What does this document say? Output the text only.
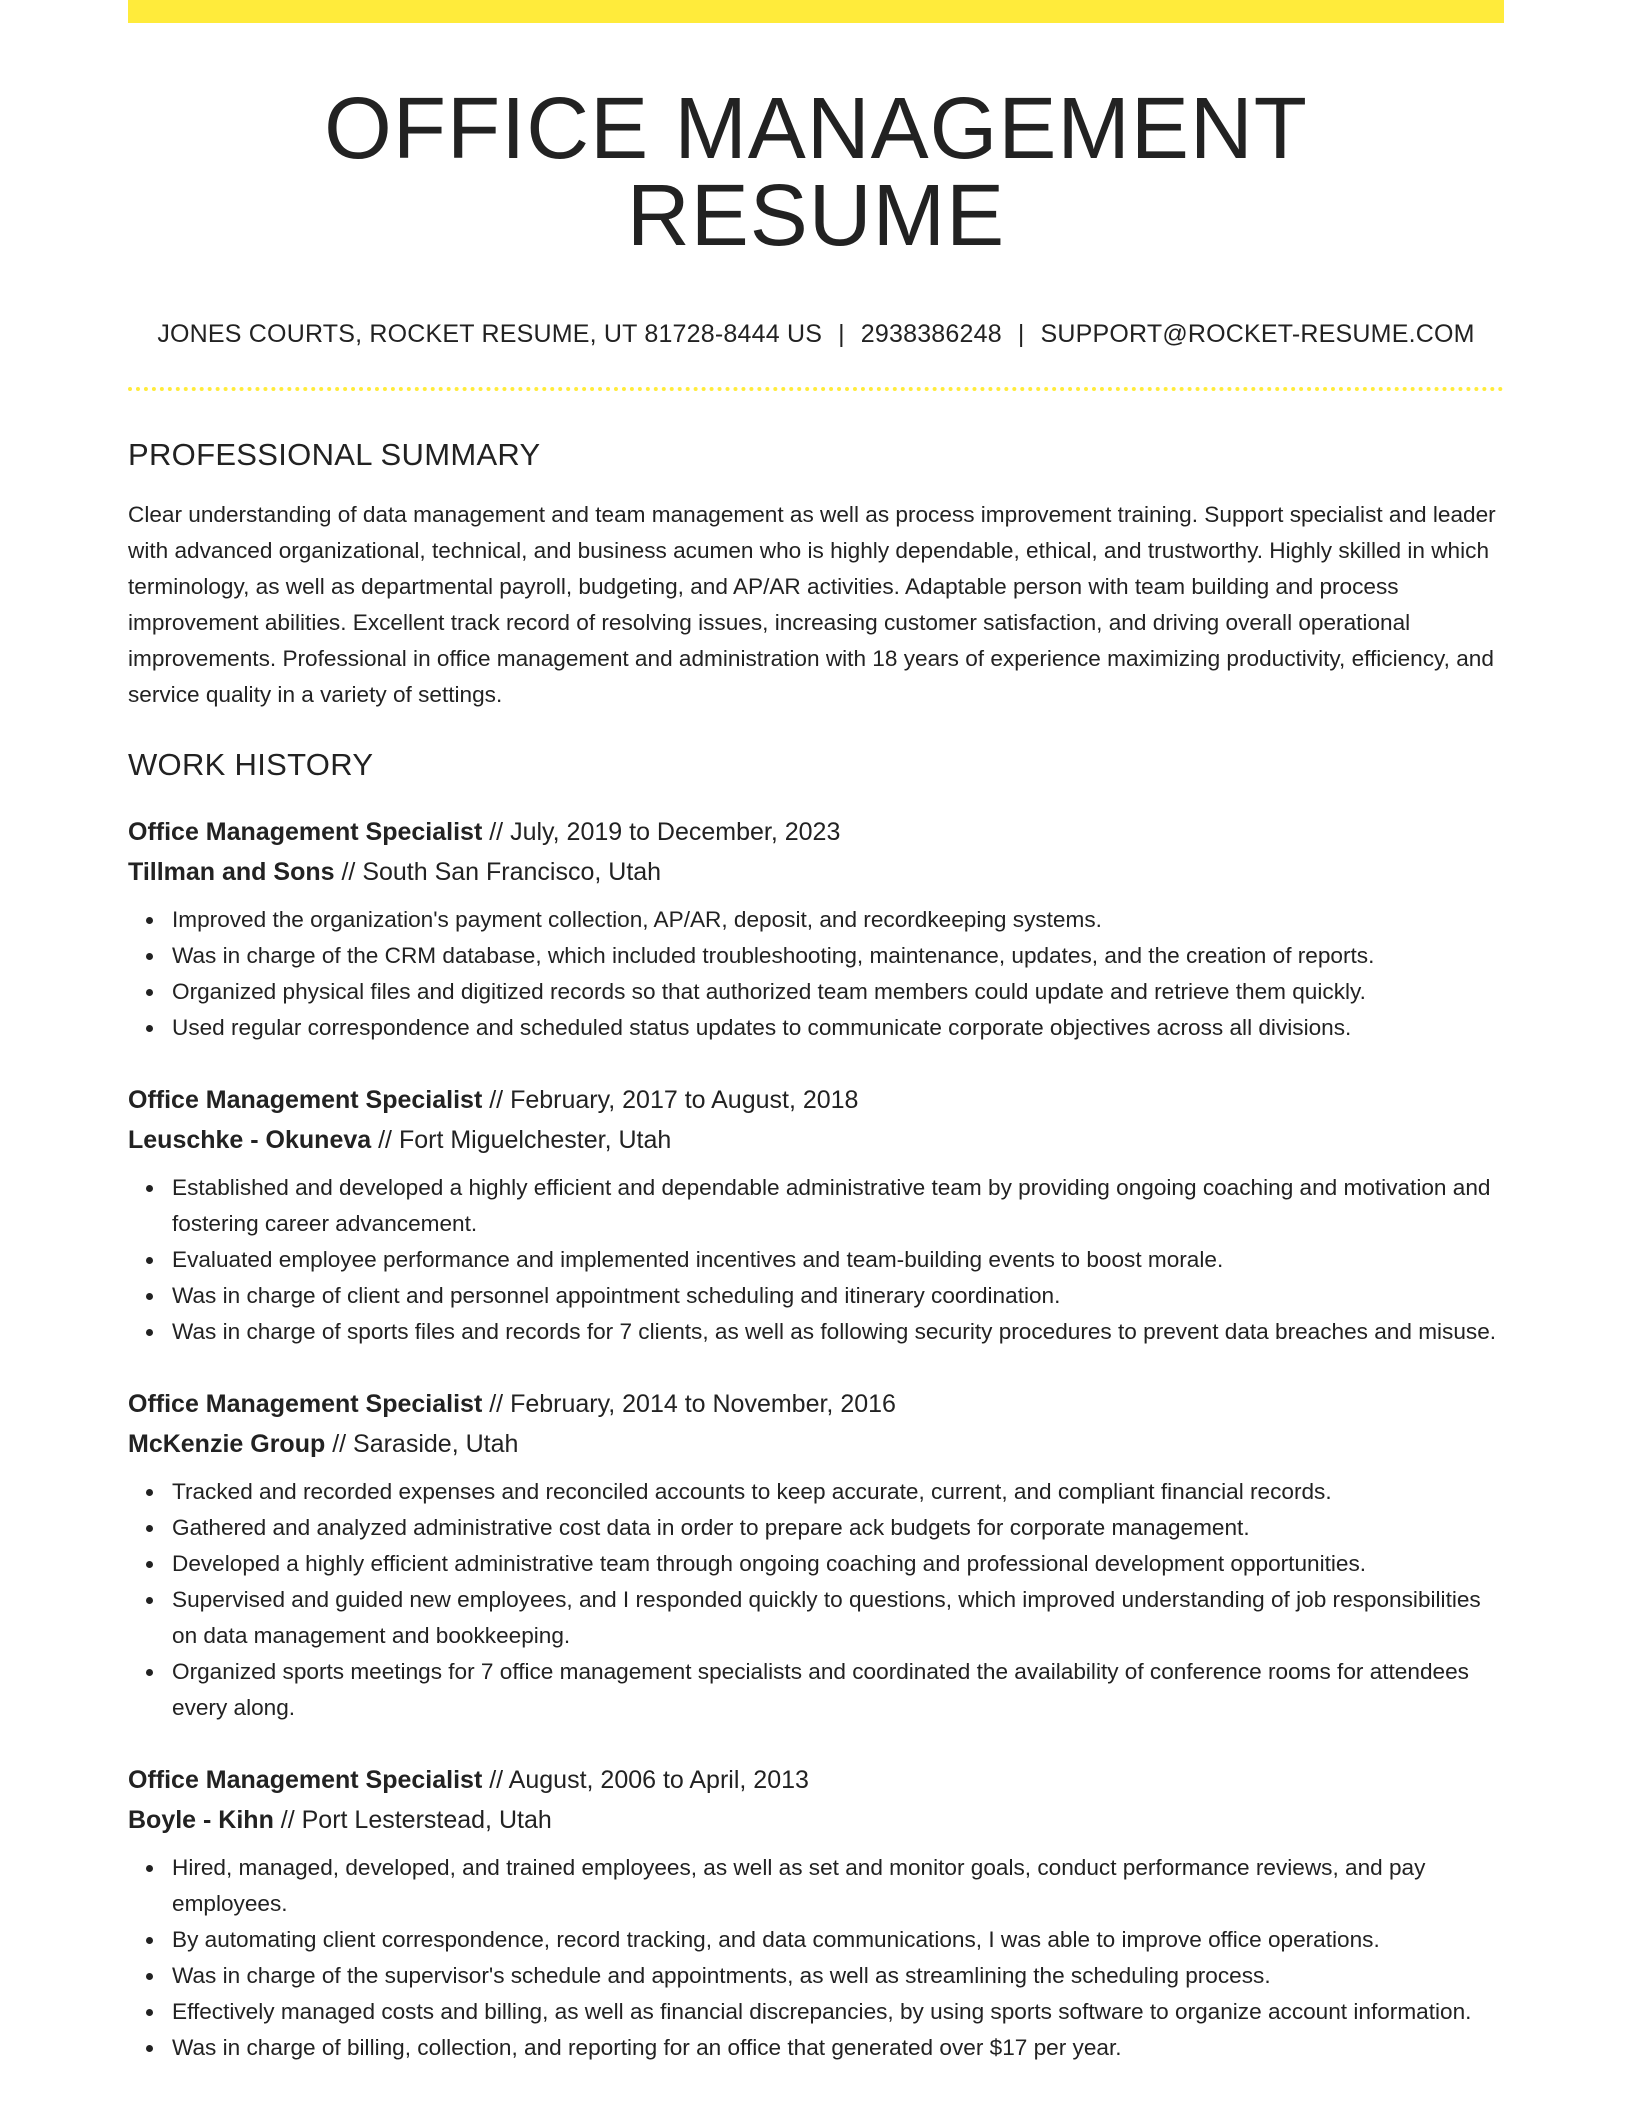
OFFICE MANAGEMENT RESUME
JONES COURTS, ROCKET RESUME, UT 81728-8444 US | 2938386248 | SUPPORT@ROCKET-RESUME.COM
PROFESSIONAL SUMMARY

Clear understanding of data management and team management as well as process improvement training. Support specialist and leader with advanced organizational, technical, and business acumen who is highly dependable, ethical, and trustworthy. Highly skilled in which terminology, as well as departmental payroll, budgeting, and AP/AR activities. Adaptable person with team building and process improvement abilities. Excellent track record of resolving issues, increasing customer satisfaction, and driving overall operational improvements. Professional in office management and administration with 18 years of experience maximizing productivity, efficiency, and service quality in a variety of settings.

WORK HISTORY
Office Management Specialist // July, 2019 to December, 2023
Tillman and Sons // South San Francisco, Utah
Improved the organization's payment collection, AP/AR, deposit, and recordkeeping systems.
Was in charge of the CRM database, which included troubleshooting, maintenance, updates, and the creation of reports.
Organized physical files and digitized records so that authorized team members could update and retrieve them quickly.
Used regular correspondence and scheduled status updates to communicate corporate objectives across all divisions.
Office Management Specialist // February, 2017 to August, 2018
Leuschke - Okuneva // Fort Miguelchester, Utah
Established and developed a highly efficient and dependable administrative team by providing ongoing coaching and motivation and fostering career advancement.
Evaluated employee performance and implemented incentives and team-building events to boost morale.
Was in charge of client and personnel appointment scheduling and itinerary coordination.
Was in charge of sports files and records for 7 clients, as well as following security procedures to prevent data breaches and misuse.
Office Management Specialist // February, 2014 to November, 2016
McKenzie Group // Saraside, Utah
Tracked and recorded expenses and reconciled accounts to keep accurate, current, and compliant financial records.
Gathered and analyzed administrative cost data in order to prepare ack budgets for corporate management.
Developed a highly efficient administrative team through ongoing coaching and professional development opportunities.
Supervised and guided new employees, and I responded quickly to questions, which improved understanding of job responsibilities on data management and bookkeeping.
Organized sports meetings for 7 office management specialists and coordinated the availability of conference rooms for attendees every along.
Office Management Specialist // August, 2006 to April, 2013
Boyle - Kihn // Port Lesterstead, Utah
Hired, managed, developed, and trained employees, as well as set and monitor goals, conduct performance reviews, and pay employees.
By automating client correspondence, record tracking, and data communications, I was able to improve office operations.
Was in charge of the supervisor's schedule and appointments, as well as streamlining the scheduling process.
Effectively managed costs and billing, as well as financial discrepancies, by using sports software to organize account information.
Was in charge of billing, collection, and reporting for an office that generated over $17 per year.
